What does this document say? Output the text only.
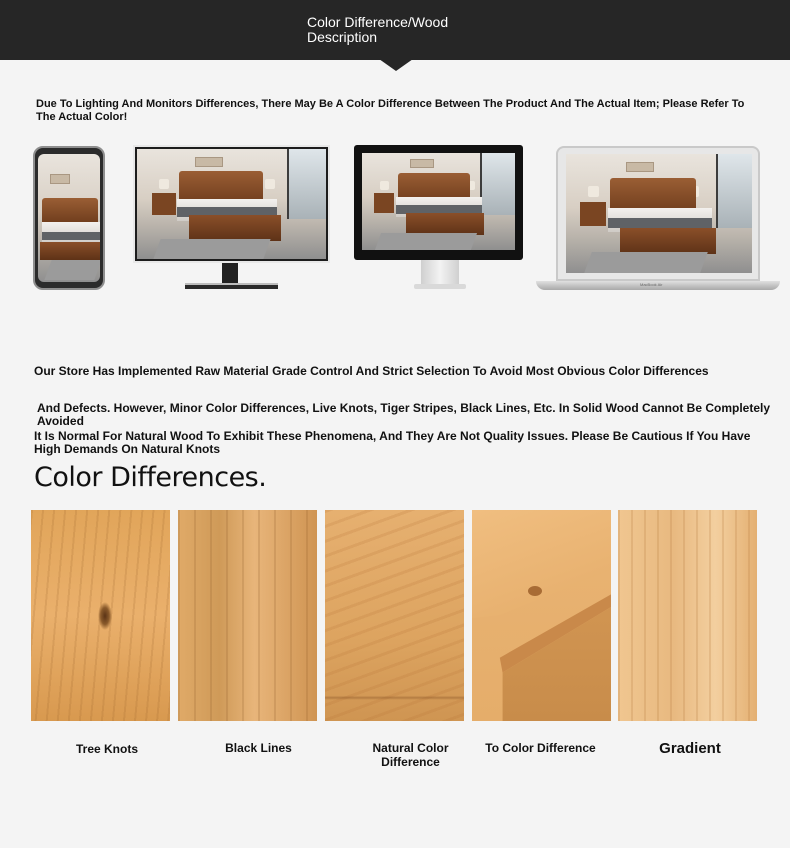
Color Difference/Wood Description
Due To Lighting And Monitors Differences, There May Be A Color Difference Between The Product And The Actual Item; Please Refer To The Actual Color!
MacBook Air
Our Store Has Implemented Raw Material Grade Control And Strict Selection To Avoid Most Obvious Color Differences
And Defects. However, Minor Color Differences, Live Knots, Tiger Stripes, Black Lines, Etc. In Solid Wood Cannot Be Completely Avoided
It Is Normal For Natural Wood To Exhibit These Phenomena, And They Are Not Quality Issues. Please Be Cautious If You Have High Demands On Natural Knots
Color Differences.
Tree Knots	Black Lines	Natural Color Difference
To Color Difference	Gradient
